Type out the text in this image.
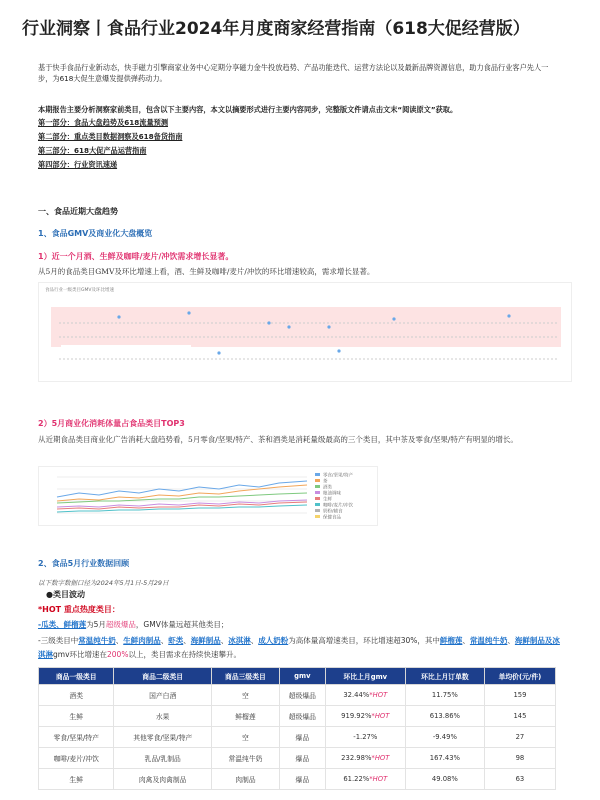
行业洞察丨食品行业2024年月度商家经营指南（618大促经营版）
基于快手食品行业新动态，快手磁力引擎商家业务中心定期分享磁力金牛投放趋势、产品功能迭代、运营方法论以及最新品牌资源信息，助力食品行业客户先人一步，为618大促生意爆发提供弹药动力。
本期报告主要分析洞察家前类目，包含以下主要内容，本文以摘要形式进行主要内容同步，完整版文件请点击文末“阅读原文”获取。
第一部分：食品大盘趋势及618流量预测
第二部分：重点类目数据洞察及618备货指南
第三部分：618大促产品运营指南
第四部分：行业资讯速递
一、食品近期大盘趋势
1、食品GMV及商业化大盘概览
1）近一个月酒、生鲜及咖啡/麦片/冲饮需求增长显著。
从5月的食品类目GMV及环比增速上看，酒、生鲜及咖啡/麦片/冲饮的环比增速较高，需求增长显著。
食品行业一级类目GMV及环比增速
2）5月商业化消耗体量占食品类目TOP3
从近期食品类目商业化广告消耗大盘趋势看，5月零食/坚果/特产、茶和酒类是消耗量级最高的三个类目，其中茶及零食/坚果/特产有明显的增长。
零食/坚果/特产
茶
酒类
粮油调味
生鲜
咖啡/麦片/冲饮
奶粉/辅食
保健食品
2、食品5月行业数据回顾
以下数字数据口径为2024年5月1日-5月29日
●类目波动
*HOT 重点热度类目：
-瓜类、鲜榴莲为5月超级爆品，GMV体量远超其他类目；
-三级类目中常温纯牛奶、生鲜肉制品、虾类、海鲜制品、冰淇淋、成人奶粉为高体量高增速类目，环比增速超30%，其中鲜榴莲、常温纯牛奶、海鲜制品及冰淇淋gmv环比增速在200%以上，类目需求在持续快速攀升。
商品一级类目	商品二级类目	商品三级类目	gmv	环比上月gmv	环比上月订单数	单均价(元/件)
酒类	国产白酒	空	超级爆品	32.44%*HOT	11.75%	159
生鲜	水果	鲜榴莲	超级爆品	919.92%*HOT	613.86%	145
零食/坚果/特产	其他零食/坚果/特产	空	爆品	-1.27%	-9.49%	27
咖啡/麦片/冲饮	乳品/乳制品	常温纯牛奶	爆品	232.98%*HOT	167.43%	98
生鲜	肉禽及肉禽制品	肉制品	爆品	61.22%*HOT	49.08%	63
